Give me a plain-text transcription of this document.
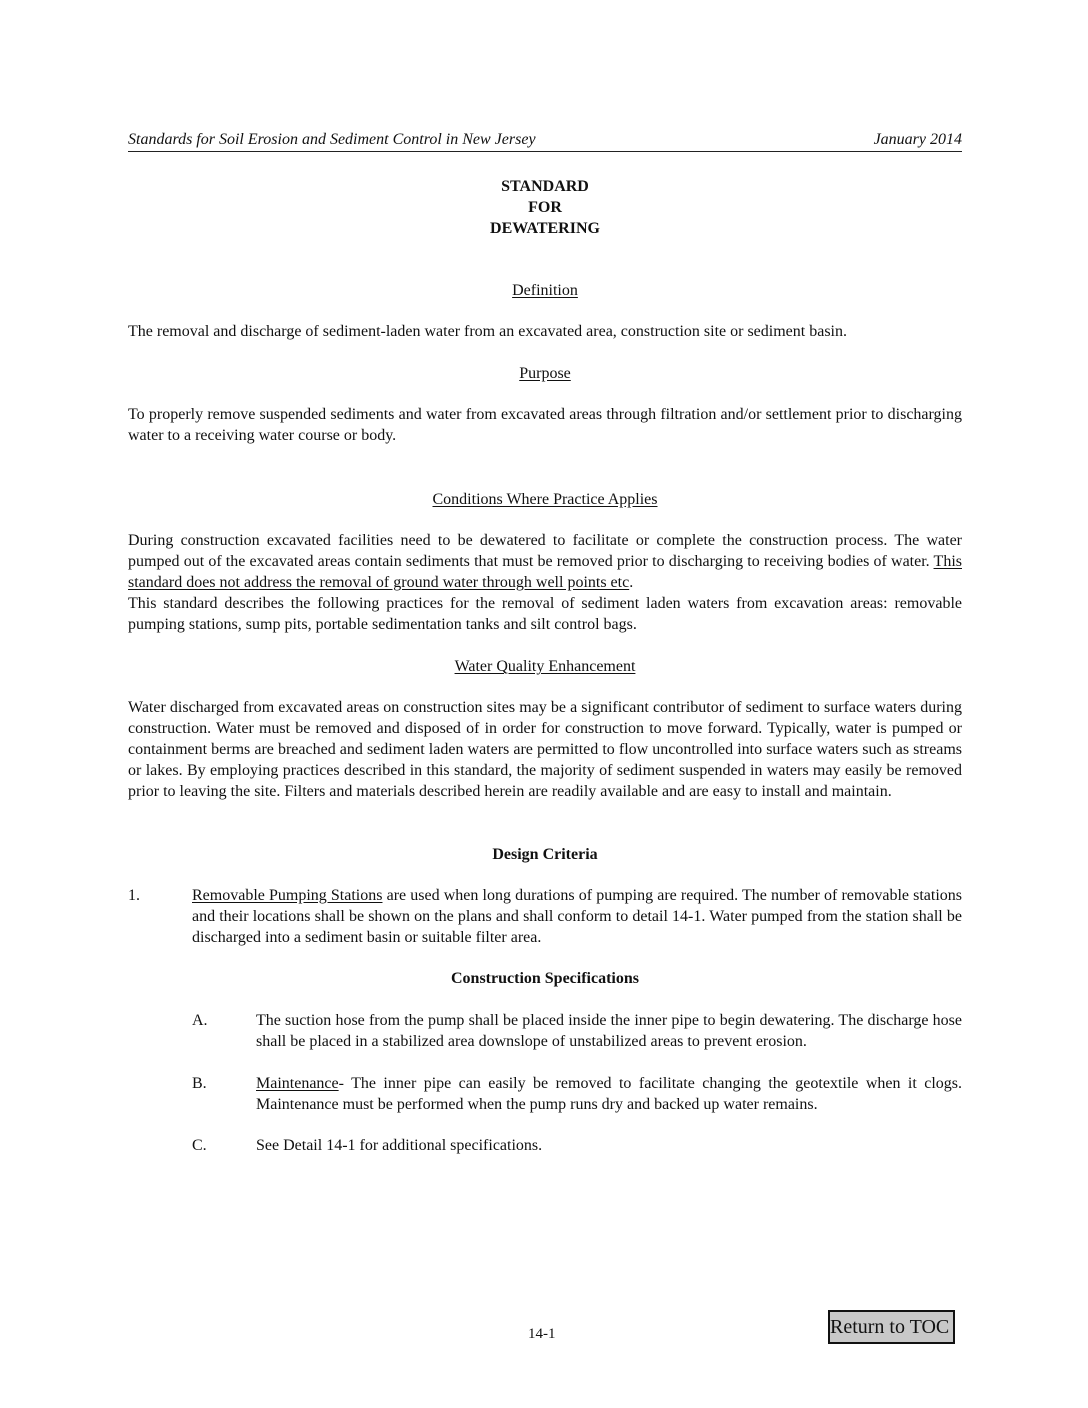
Standards for Soil Erosion and Sediment Control in New Jersey	January 2014
STANDARD
FOR
DEWATERING
Definition
The removal and discharge of sediment-laden water from an excavated area, construction site or sediment basin.
Purpose
To properly remove suspended sediments and water from excavated areas through filtration and/or settlement prior to discharging water to a receiving water course or body.
Conditions Where Practice Applies
During construction excavated facilities need to be dewatered to facilitate or complete the construction process. The water pumped out of the excavated areas contain sediments that must be removed prior to discharging to receiving bodies of water. This standard does not address the removal of ground water through well points etc.
This standard describes the following practices for the removal of sediment laden waters from excavation areas: removable pumping stations, sump pits, portable sedimentation tanks and silt control bags.
Water Quality Enhancement
Water discharged from excavated areas on construction sites may be a significant contributor of sediment to surface waters during construction. Water must be removed and disposed of in order for construction to move forward. Typically, water is pumped or containment berms are breached and sediment laden waters are permitted to flow uncontrolled into surface waters such as streams or lakes. By employing practices described in this standard, the majority of sediment suspended in waters may easily be removed prior to leaving the site. Filters and materials described herein are readily available and are easy to install and maintain.
Design Criteria
1.	Removable Pumping Stations are used when long durations of pumping are required. The number of removable stations and their locations shall be shown on the plans and shall conform to detail 14-1. Water pumped from the station shall be discharged into a sediment basin or suitable filter area.
Construction Specifications
A.	The suction hose from the pump shall be placed inside the inner pipe to begin dewatering. The discharge hose shall be placed in a stabilized area downslope of unstabilized areas to prevent erosion.
B.	Maintenance- The inner pipe can easily be removed to facilitate changing the geotextile when it clogs. Maintenance must be performed when the pump runs dry and backed up water remains.
C.	See Detail 14-1 for additional specifications.
14-1	Return to TOC
